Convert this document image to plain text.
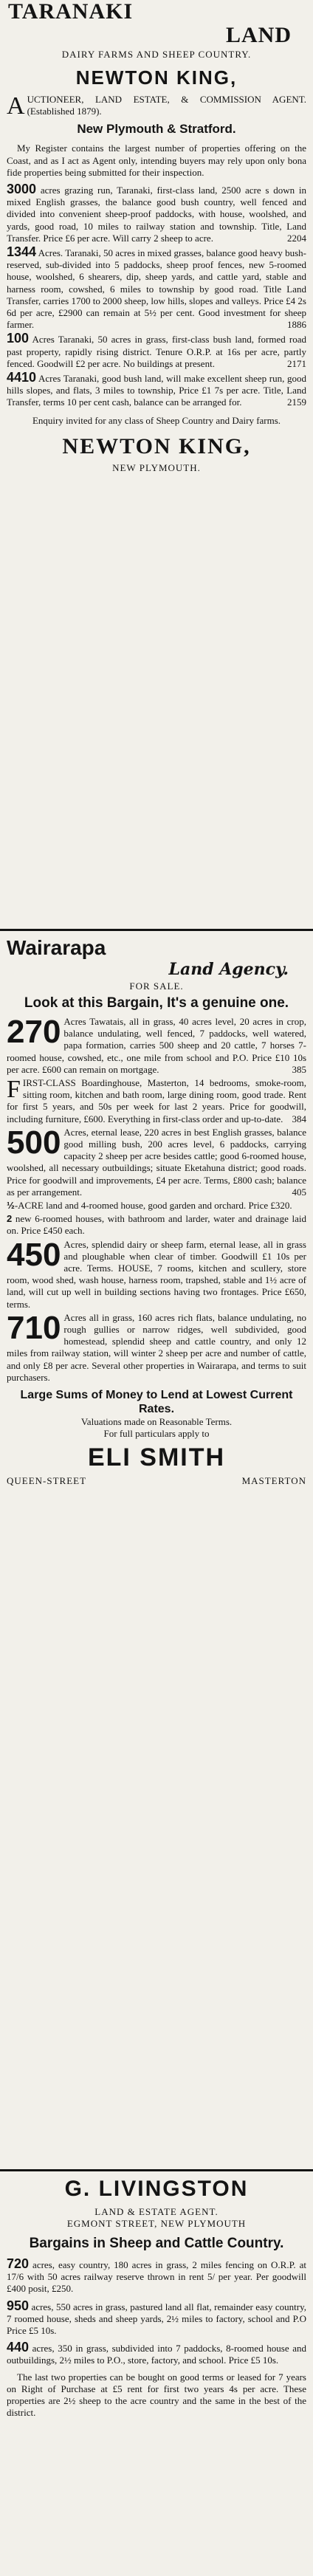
TARANAKI
LAND
DAIRY FARMS AND SHEEP COUNTRY.
NEWTON KING,
A UCTIONEER, LAND ESTATE, & COMMISSION AGENT. (Established 1879).
New Plymouth & Stratford.
My Register contains the largest number of properties offering on the Coast, and as I act as Agent only, intending buyers may rely upon only bona fide properties being submitted for their inspection.

3000 acres grazing run, Taranaki, first-class land, 2500 acre s down in mixed English grasses, the balance good bush country, well fenced and divided into convenient sheep-proof paddocks, with house, woolshed, and yards, good road, 10 miles to railway station and township. Title, Land Transfer. Price £6 per acre. Will carry 2 sheep to acre.	2204

1344 Acres. Taranaki, 50 acres in mixed grasses, balance good heavy bush-reserved, sub-divided into 5 paddocks, sheep proof fences, new 5-roomed house, woolshed, 6 shearers, dip, sheep yards, and cattle yard, stable and harness room, cowshed, 6 miles to township by good road. Title Land Transfer, carries 1700 to 2000 sheep, low hills, slopes and valleys. Price £4 2s 6d per acre, £2900 can remain at 5½ per cent. Good investment for sheep farmer.	1886

100 Acres Taranaki, 50 acres in grass, first-class bush land, formed road past property, rapidly rising district. Tenure O.R.P. at 16s per acre, partly fenced. Goodwill £2 per acre. No buildings at present.	2171

4410 Acres Taranaki, good bush land, will make excellent sheep run, good hills slopes, and flats, 3 miles to township, Price £1 7s per acre. Title, Land Transfer, terms 10 per cent cash, balance can be arranged for.	2159

Enquiry invited for any class of Sheep Country and Dairy farms.
NEWTON KING,
NEW PLYMOUTH.
Wairarapa
Land Agency.
FOR SALE.
Look at this Bargain, It's a genuine one.

270 Acres Tawatais, all in grass, 40 acres level, 20 acres in crop, balance undulating, well fenced, 7 paddocks, well watered, papa formation, carries 500 sheep and 20 cattle, 7 horses 7-roomed house, cowshed, etc., one mile from school and P.O. Price £10 10s per acre. £600 can remain on mortgage.	385

FIRST-CLASS Boardinghouse, Masterton, 14 bedrooms, smoke-room, sitting room, kitchen and bath room, large dining room, good trade. Rent for first 5 years, and 50s per week for last 2 years. Price for goodwill, including furniture, £600. Everything in first-class order and up-to-date. 384

500 Acres, eternal lease, 220 acres in best English grasses, balance good milling bush, 200 acres level, 6 paddocks, carrying capacity 2 sheep per acre besides cattle; good 6-roomed house, woolshed, all necessary outbuildings; situate Eketahuna district; good roads. Price for goodwill and improvements, £4 per acre. Terms, £800 cash; balance as per arrangement.	405

½-ACRE land and 4-roomed house, good garden and orchard. Price £320.

2 new 6-roomed houses, with bathroom and larder, water and drainage laid on. Price £450 each.

450 Acres, splendid dairy or sheep farm, eternal lease, all in grass and ploughable when clear of timber. Goodwill £1 10s per acre. Terms. HOUSE, 7 rooms, kitchen and scullery, store room, wood shed, wash house, harness room, trapshed, stable and 1½ acre of land, will cut up well in building sections having two frontages. Price £650, terms.

710 Acres all in grass, 160 acres rich flats, balance undulating, no rough gullies or narrow ridges, well subdivided, good homestead, splendid sheep and cattle country, and only 12 miles from railway station, will winter 2 sheep per acre and number of cattle, and only £8 per acre. Several other properties in Wairarapa, and terms to suit purchasers.

Large Sums of Money to Lend at Lowest Current Rates.
Valuations made on Reasonable Terms.
For full particulars apply to
ELI SMITH
QUEEN-STREET	MASTERTON
G. LIVINGSTON
LAND & ESTATE AGENT.
EGMONT STREET, NEW PLYMOUTH
Bargains in Sheep and Cattle Country.

720 acres, easy country, 180 acres in grass, 2 miles fencing on O.R.P. at 17/6 with 50 acres railway reserve thrown in rent 5/ per year. Per goodwill £400 posit, £250.

950 acres, 550 acres in grass, pastured land all flat, remainder easy country, 7 roomed house, sheds and sheep yards, 2½ miles to factory, school and P.O Price £5 10s.

440 acres, 350 in grass, subdivided into 7 paddocks, 8-roomed house and outbuildings, 2½ miles to P.O., store, factory, and school. Price £5 10s.

The last two properties can be bought on good terms or leased for 7 years on Right of Purchase at £5 rent for first two years 4s per acre. These properties are 2½ sheep to the acre country and the same in the best of the district.
